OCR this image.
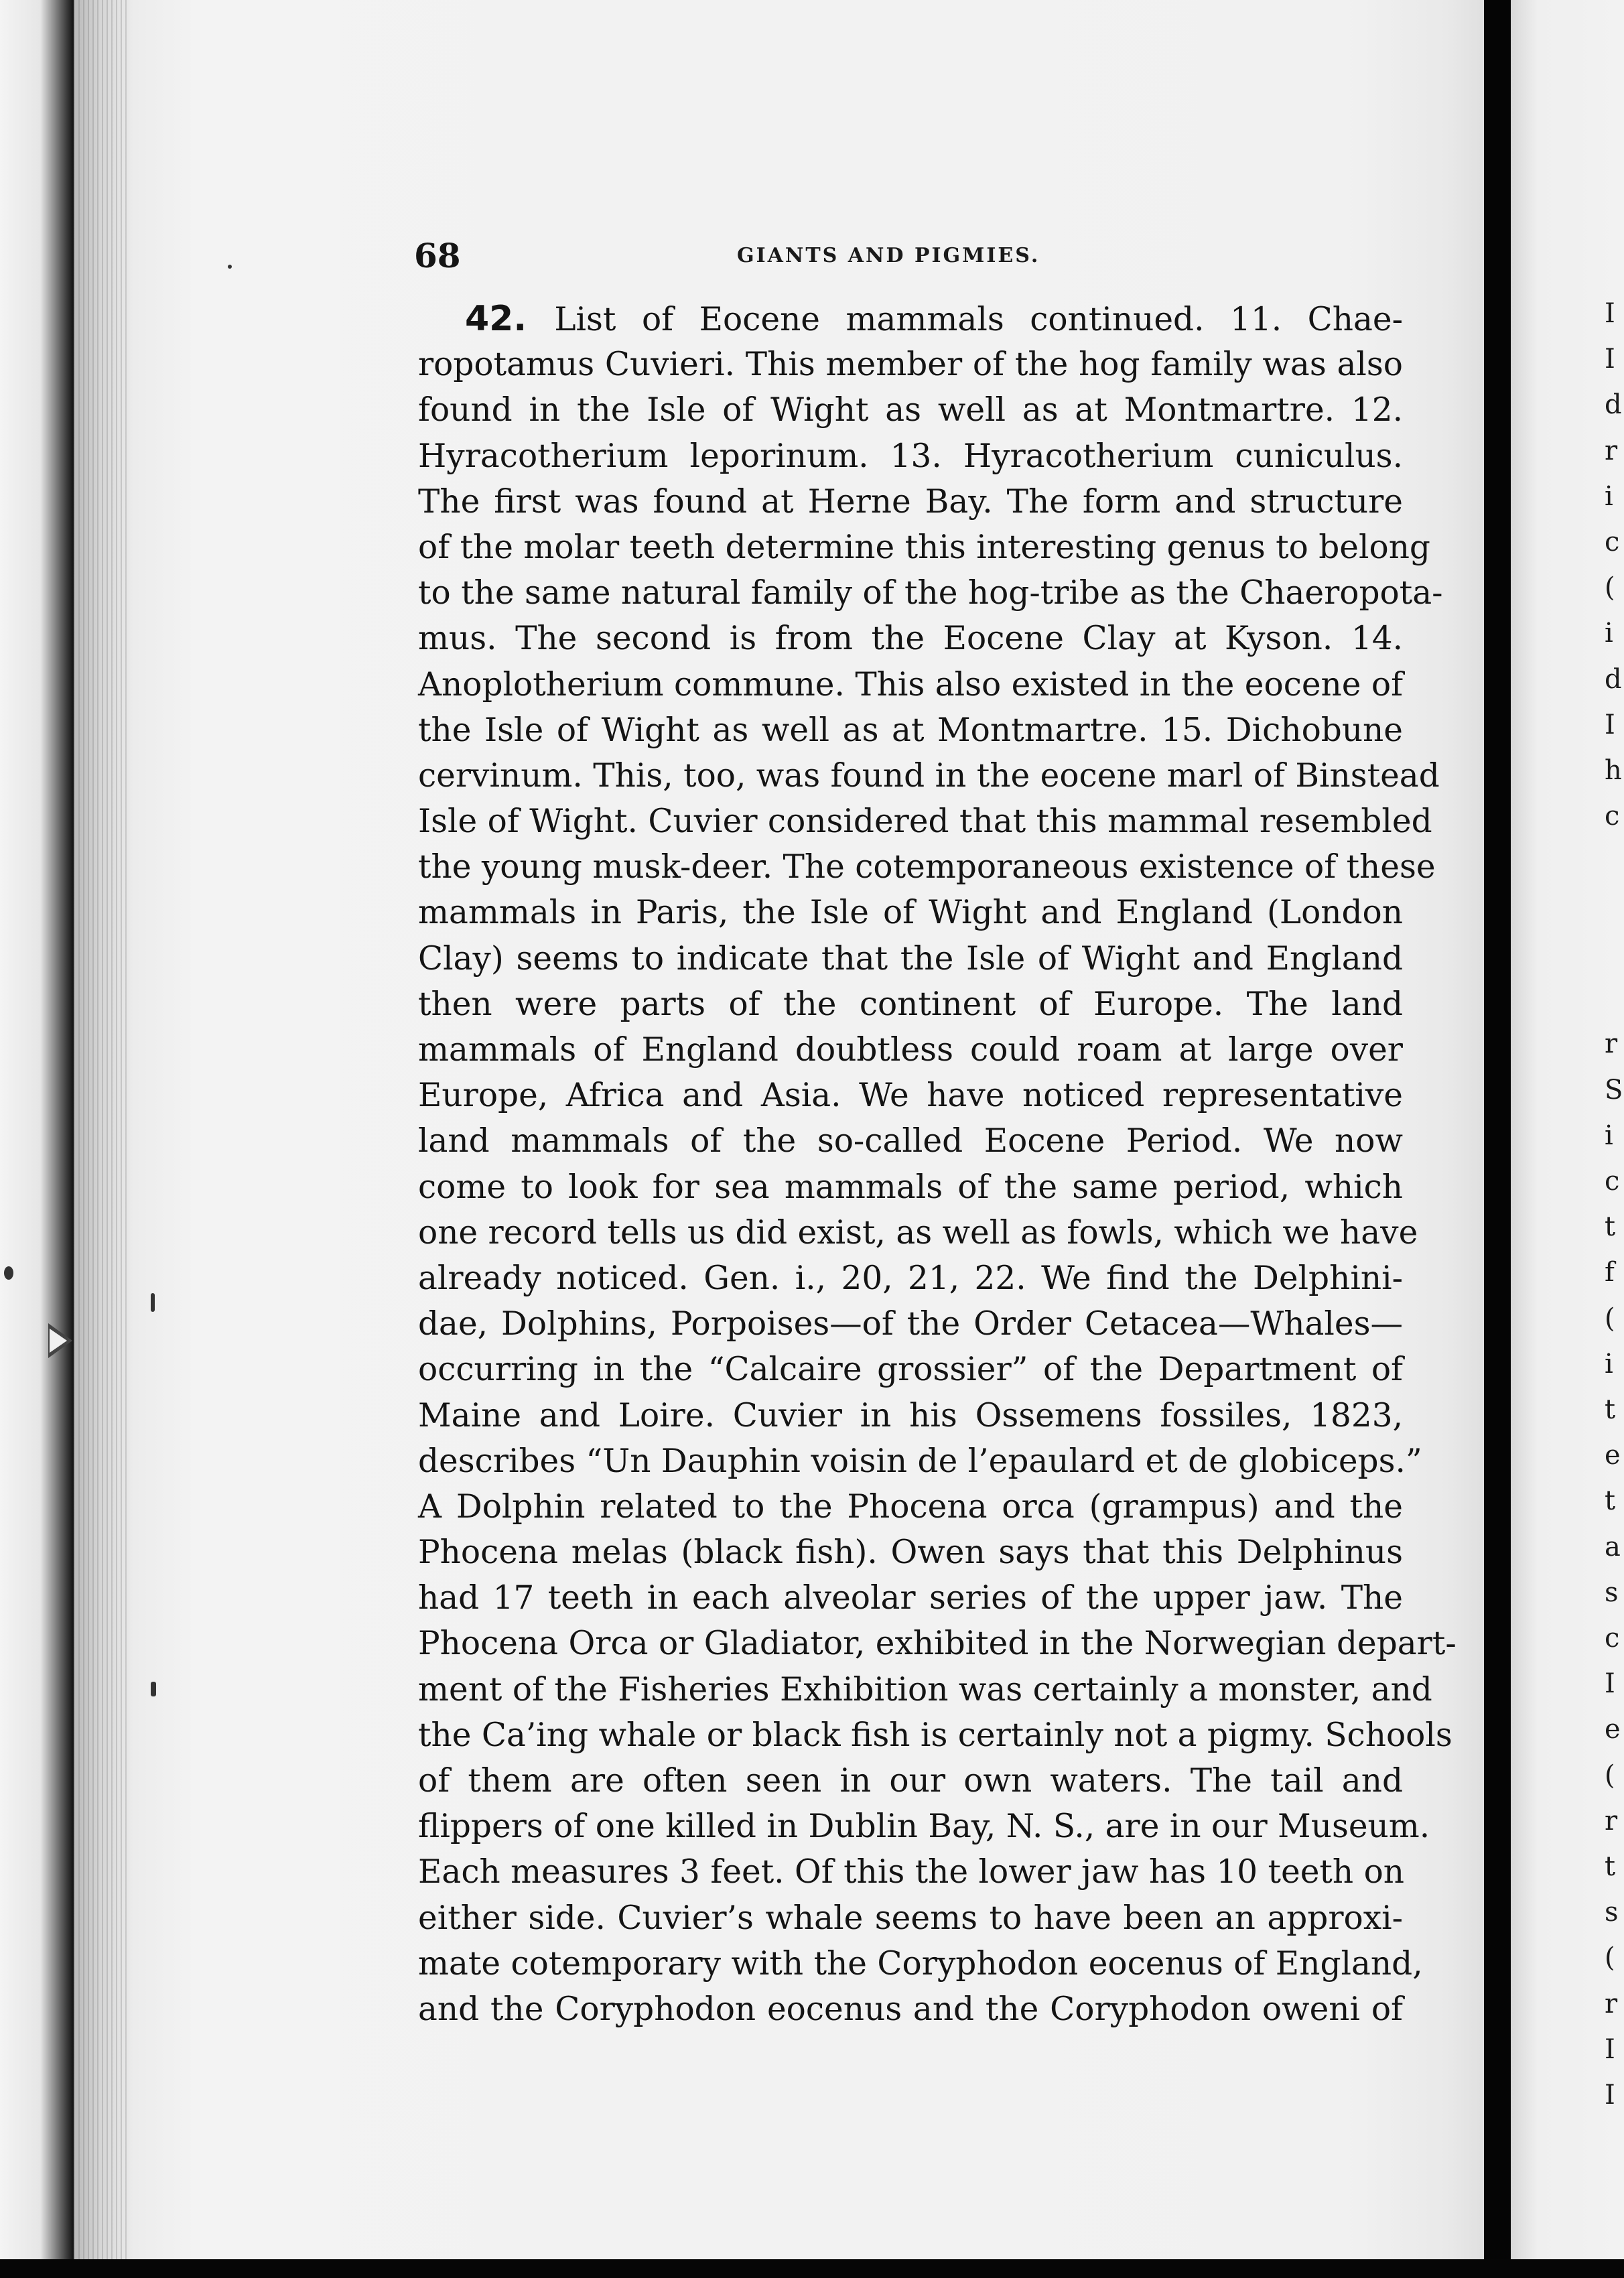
68	GIANTS AND PIGMIES.
42. List of Eocene mammals continued. 11. Chae-
ropotamus Cuvieri. This member of the hog family was also
found in the Isle of Wight as well as at Montmartre. 12.
Hyracotherium leporinum. 13. Hyracotherium cuniculus.
The first was found at Herne Bay. The form and structure
of the molar teeth determine this interesting genus to belong
to the same natural family of the hog-tribe as the Chaeropota-
mus. The second is from the Eocene Clay at Kyson. 14.
Anoplotherium commune. This also existed in the eocene of
the Isle of Wight as well as at Montmartre. 15. Dichobune
cervinum. This, too, was found in the eocene marl of Binstead
Isle of Wight. Cuvier considered that this mammal resembled
the young musk-deer. The cotemporaneous existence of these
mammals in Paris, the Isle of Wight and England (London
Clay) seems to indicate that the Isle of Wight and England
then were parts of the continent of Europe. The land
mammals of England doubtless could roam at large over
Europe, Africa and Asia. We have noticed representative
land mammals of the so-called Eocene Period. We now
come to look for sea mammals of the same period, which
one record tells us did exist, as well as fowls, which we have
already noticed. Gen. i., 20, 21, 22. We find the Delphini-
dae, Dolphins, Porpoises—of the Order Cetacea—Whales—
occurring in the “Calcaire grossier” of the Department of
Maine and Loire. Cuvier in his Ossemens fossiles, 1823,
describes “Un Dauphin voisin de l’epaulard et de globiceps.”
A Dolphin related to the Phocena orca (grampus) and the
Phocena melas (black fish). Owen says that this Delphinus
had 17 teeth in each alveolar series of the upper jaw. The
Phocena Orca or Gladiator, exhibited in the Norwegian depart-
ment of the Fisheries Exhibition was certainly a monster, and
the Ca’ing whale or black fish is certainly not a pigmy. Schools
of them are often seen in our own waters. The tail and
flippers of one killed in Dublin Bay, N. S., are in our Museum.
Each measures 3 feet. Of this the lower jaw has 10 teeth on
either side. Cuvier’s whale seems to have been an approxi-
mate cotemporary with the Coryphodon eocenus of England,
and the Coryphodon eocenus and the Coryphodon oweni of
I
I
d
r
i
c
(
i
d
I
h
c
r
S
i
c
t
f
(
i
t
e
t
a
s
c
I
e
(
r
t
s
(
r
I
I
